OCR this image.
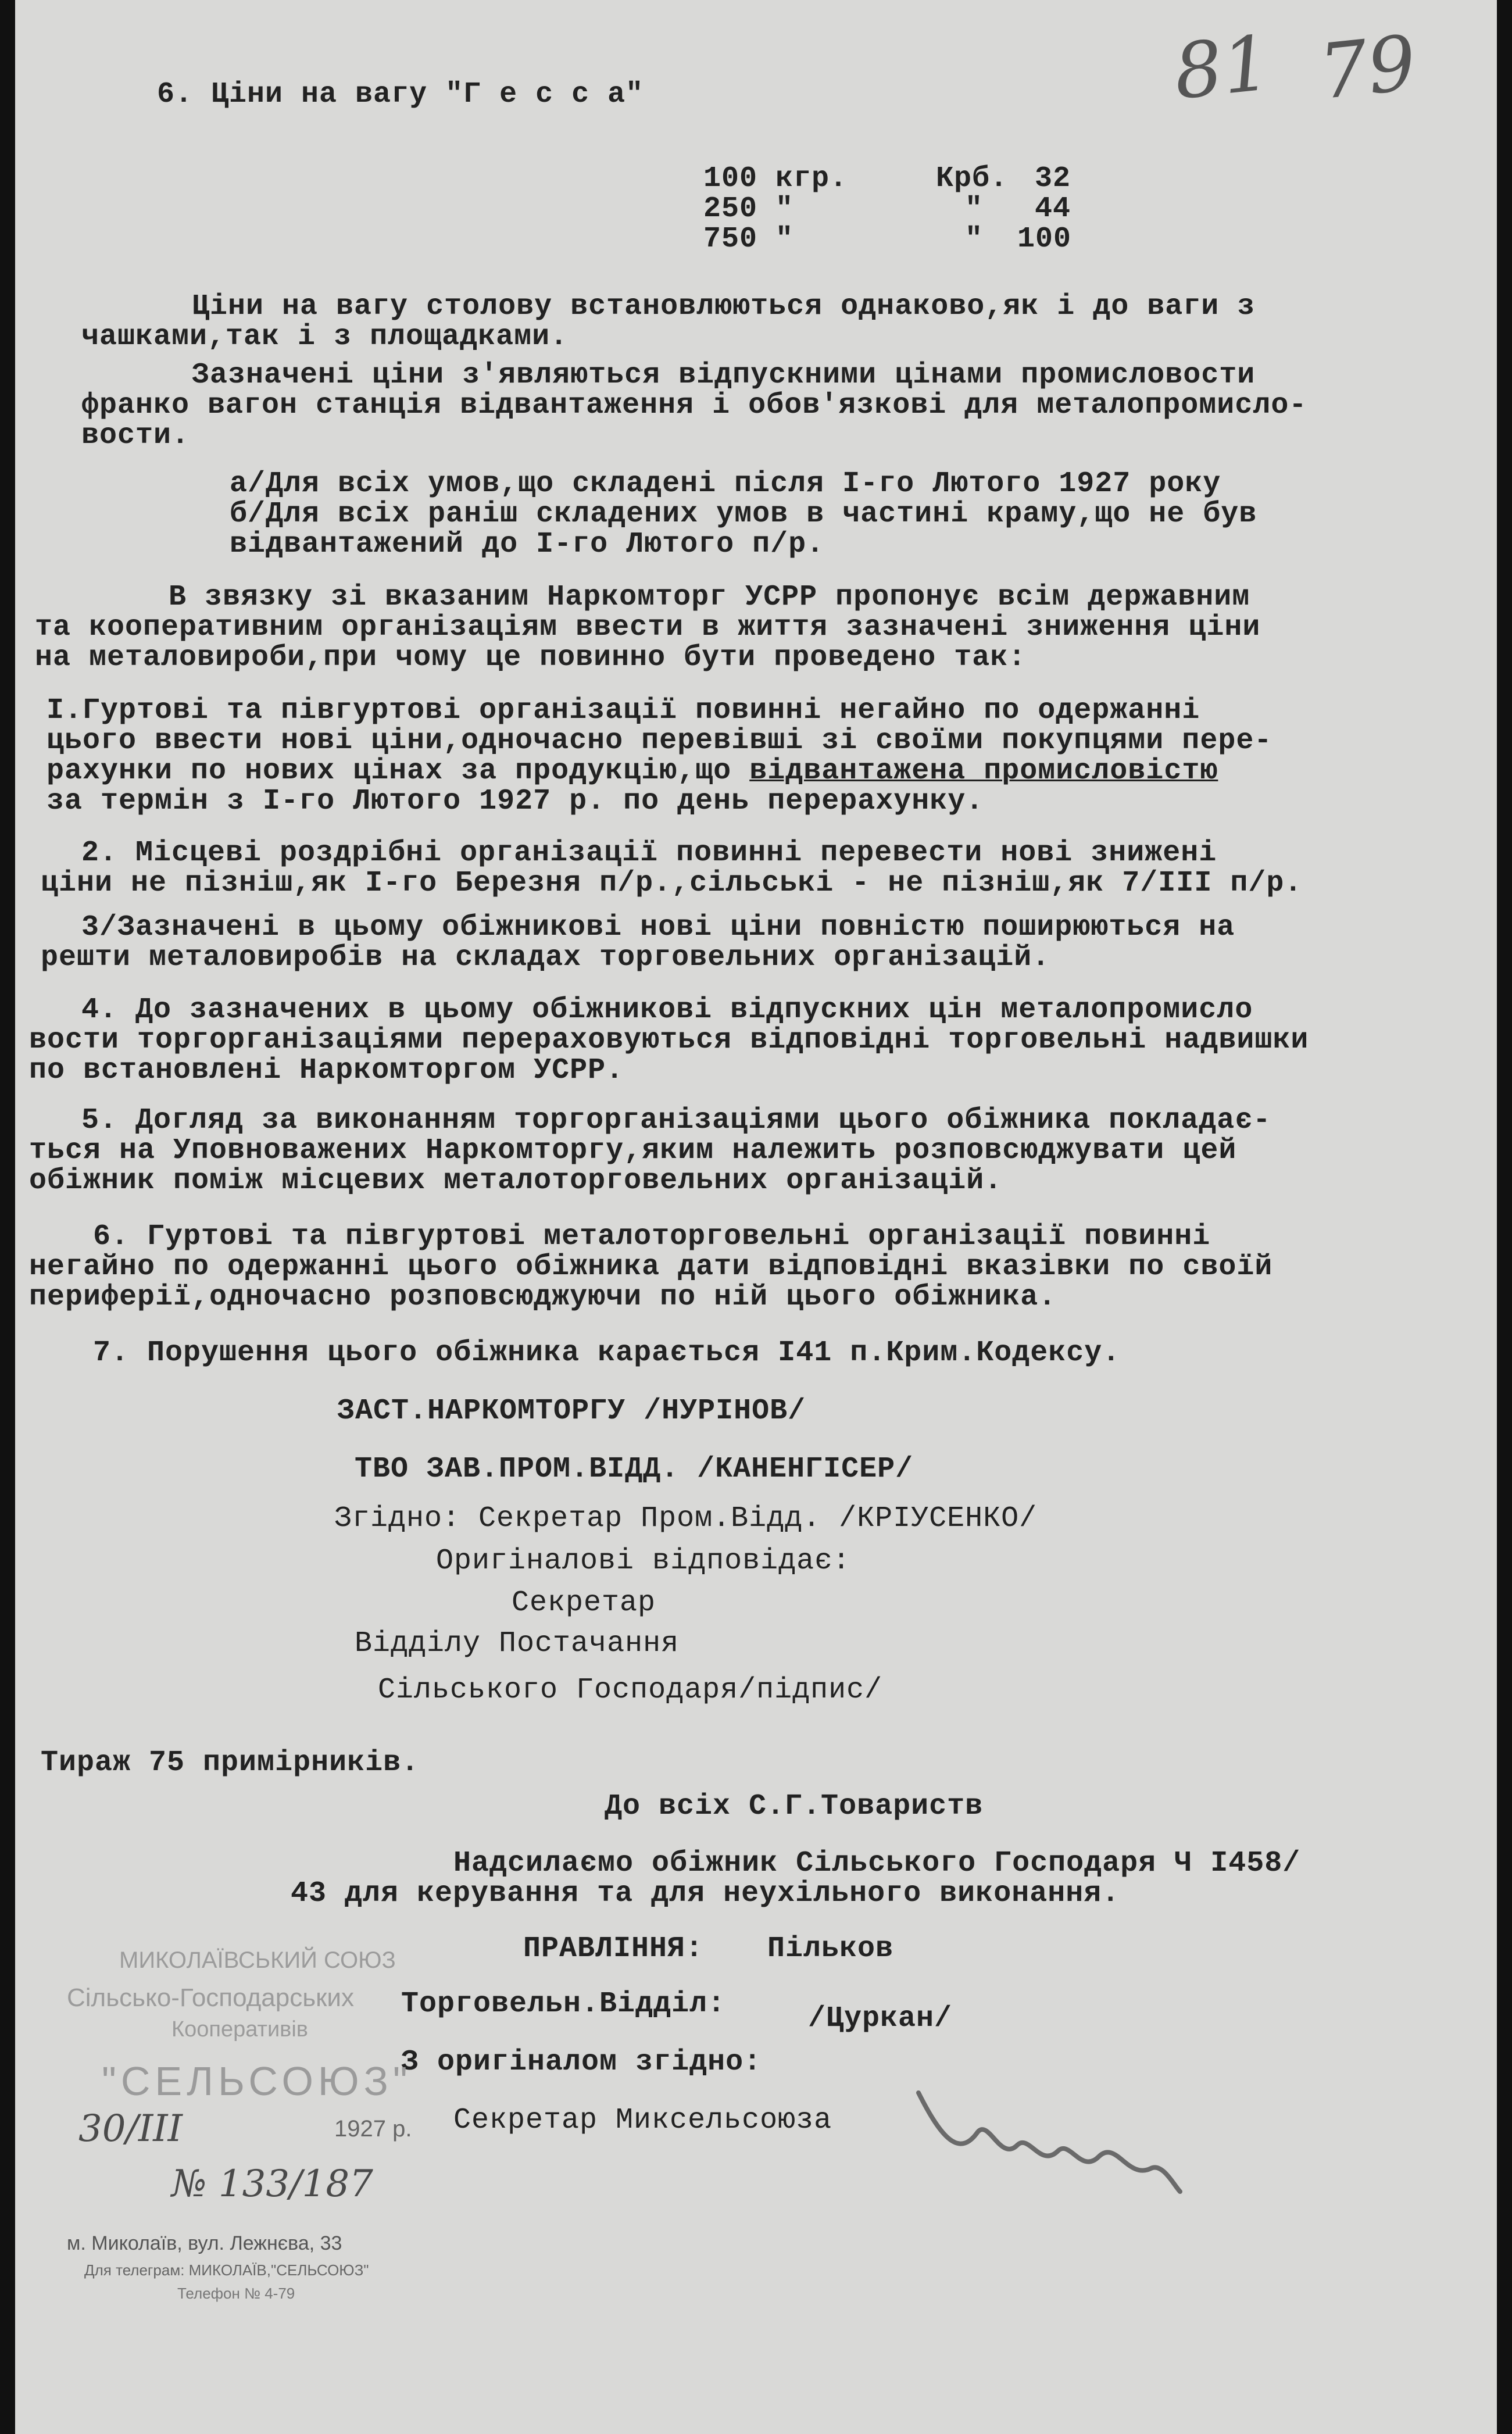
81 79
6. Ціни на вагу "Г е с с а"
100 кгр.	Крб. 32
250 "	" 44
750 "	" 100
Ціни на вагу столову встановлюються однаково,як і до ваги з
чашками,так і з площадками.
Зазначені ціни з'являються відпускними цінами промисловости
франко вагон станція відвантаження і обов'язкові для металопромисло-
вости.
а/Для всіх умов,що складені після I-го Лютого 1927 року
б/Для всіх раніш складених умов в частині краму,що не був
відвантажений до I-го Лютого п/р.
В звязку зі вказаним Наркомторг УСРР пропонує всім державним
та кооперативним організаціям ввести в життя зазначені зниження ціни
на металовироби,при чому це повинно бути проведено так:
I.Гуртові та півгуртові організації повинні негайно по одержанні
цього ввести нові ціни,одночасно перевівші зі своїми покупцями пере-
рахунки по нових цінах за продукцію,що відвантажена промисловістю
за термін з I-го Лютого 1927 р. по день перерахунку.
2. Місцеві роздрібні організації повинні перевести нові знижені
ціни не пізніш,як I-го Березня п/р.,сільські - не пізніш,як 7/III п/р.
3/Зазначені в цьому обіжникові нові ціни повністю поширюються на
решти металовиробів на складах торговельних організацій.
4. До зазначених в цьому обіжникові відпускних цін металопромисло
вости торгорганізаціями перераховуються відповідні торговельні надвишки
по встановлені Наркомторгом УСРР.
5. Догляд за виконанням торгорганізаціями цього обіжника покладає-
ться на Уповноважених Наркомторгу,яким належить розповсюджувати цей
обіжник поміж місцевих металоторговельних організацій.
6. Гуртові та півгуртові металоторговельні організації повинні
негайно по одержанні цього обіжника дати відповідні вказівки по своїй
периферії,одночасно розповсюджуючи по ній цього обіжника.
7. Порушення цього обіжника карається I41 п.Крим.Кодексу.
ЗАСТ.НАРКОМТОРГУ /НУРІНОВ/
ТВО ЗАВ.ПРОМ.ВІДД. /КАНЕНГІСЕР/
Згідно: Секретар Пром.Відд. /КРІУСЕНКО/
Оригіналові відповідає:
Секретар
Відділу Постачання
Сільського Господаря/підпис/
Тираж 75 примірників.
До всіх С.Г.Товариств
Надсилаємо обіжник Сільського Господаря Ч I458/
43 для керування та для неухільного виконання.
ПРАВЛІННЯ: Пільков
Торговельн.Відділ:	/Цуркан/
З оригіналом згідно:
Секретар Миксельсоюза
МИКОЛАЇВСЬКИЙ СОЮЗ
Сільсько-Господарських
Кооперативів
"СЕЛЬСОЮЗ"
30/III	1927 р.
№ 133/187
м. Миколаїв, вул. Лежнєва, 33
Для телеграм: МИКОЛАЇВ,"СЕЛЬСОЮЗ"
Телефон № 4-79
